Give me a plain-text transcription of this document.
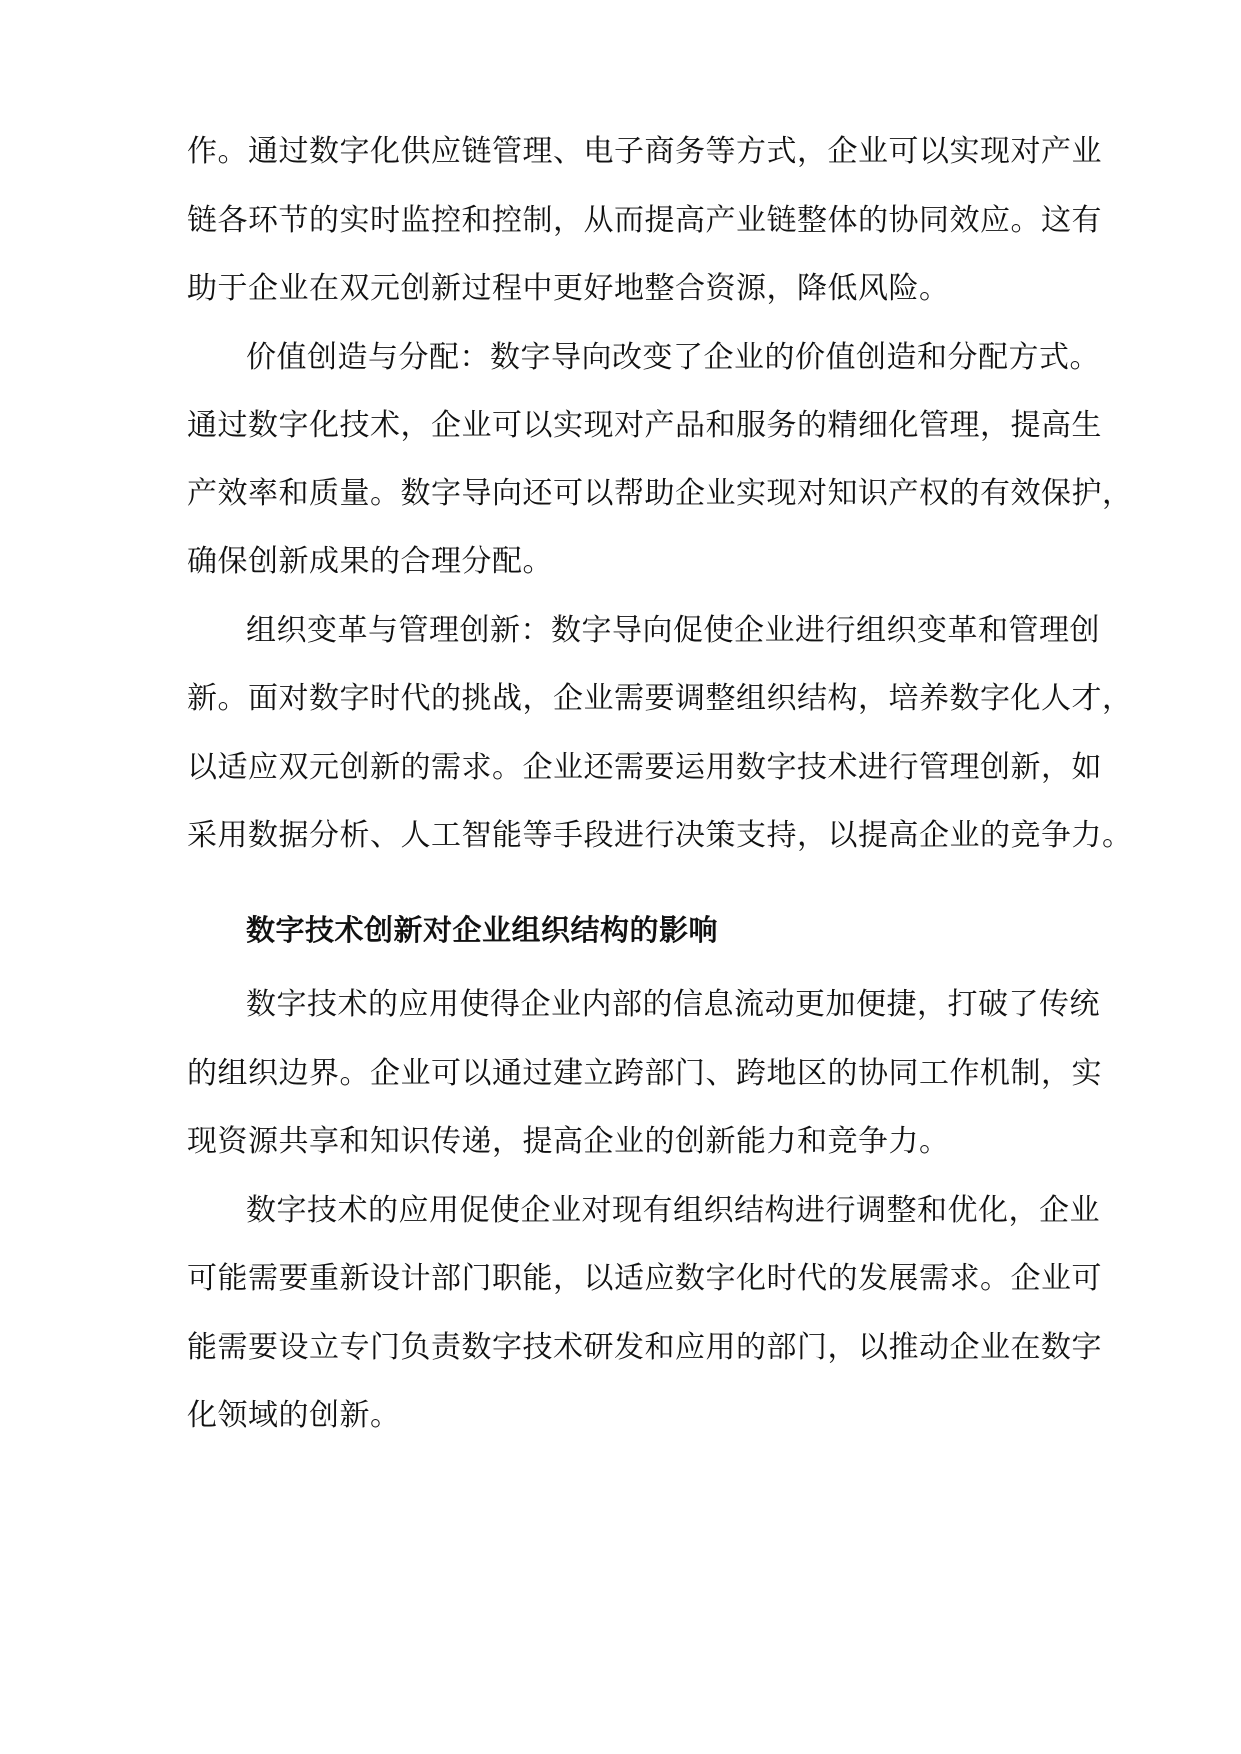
作。通过数字化供应链管理、电子商务等方式，企业可以实现对产业
链各环节的实时监控和控制，从而提高产业链整体的协同效应。这有
助于企业在双元创新过程中更好地整合资源，降低风险。
价值创造与分配：数字导向改变了企业的价值创造和分配方式。
通过数字化技术，企业可以实现对产品和服务的精细化管理，提高生
产效率和质量。数字导向还可以帮助企业实现对知识产权的有效保护，
确保创新成果的合理分配。
组织变革与管理创新：数字导向促使企业进行组织变革和管理创
新。面对数字时代的挑战，企业需要调整组织结构，培养数字化人才，
以适应双元创新的需求。企业还需要运用数字技术进行管理创新，如
采用数据分析、人工智能等手段进行决策支持，以提高企业的竞争力。
数字技术创新对企业组织结构的影响
数字技术的应用使得企业内部的信息流动更加便捷，打破了传统
的组织边界。企业可以通过建立跨部门、跨地区的协同工作机制，实
现资源共享和知识传递，提高企业的创新能力和竞争力。
数字技术的应用促使企业对现有组织结构进行调整和优化，企业
可能需要重新设计部门职能，以适应数字化时代的发展需求。企业可
能需要设立专门负责数字技术研发和应用的部门，以推动企业在数字
化领域的创新。
